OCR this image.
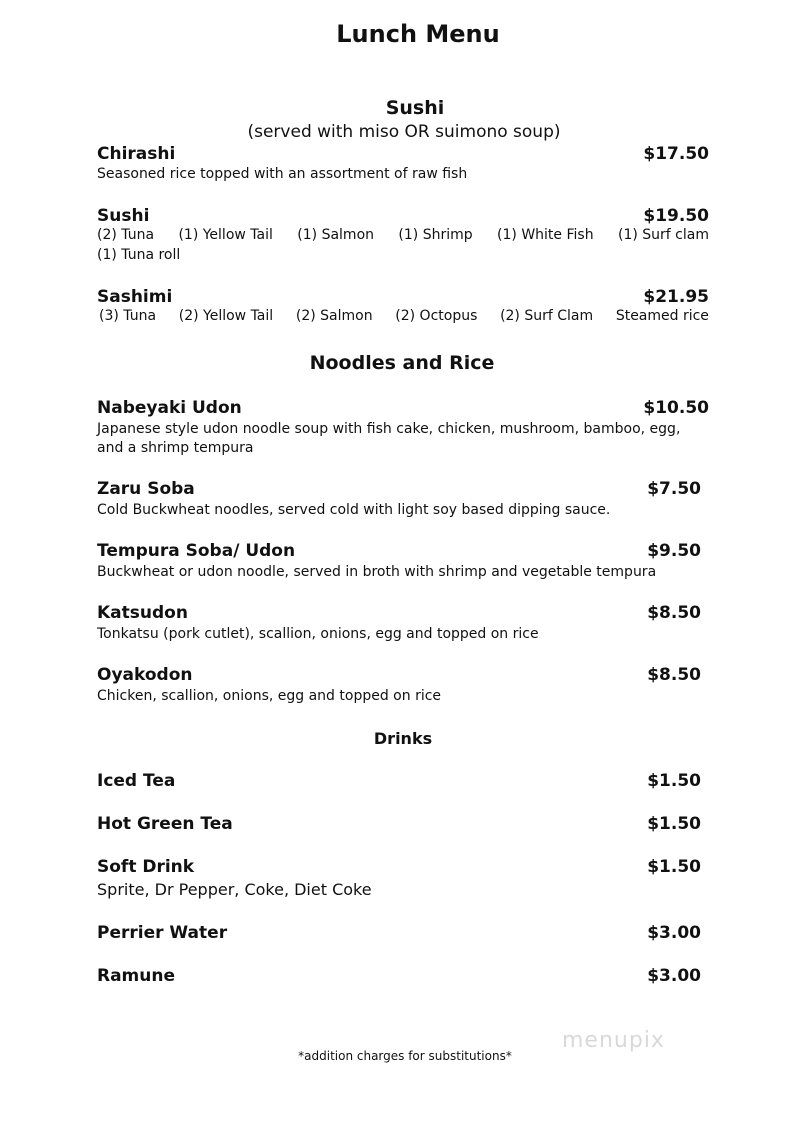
Lunch Menu
Sushi
(served with miso OR suimono soup)
Chirashi	$17.50
Seasoned rice topped with an assortment of raw fish
Sushi	$19.50
(2) Tuna (1) Yellow Tail (1) Salmon (1) Shrimp (1) White Fish (1) Surf clam
(1) Tuna roll
Sashimi	$21.95
(3) Tuna (2) Yellow Tail (2) Salmon (2) Octopus (2) Surf Clam Steamed rice
Noodles and Rice
Nabeyaki Udon	$10.50
Japanese style udon noodle soup with fish cake, chicken, mushroom, bamboo, egg,
and a shrimp tempura
Zaru Soba	$7.50
Cold Buckwheat noodles, served cold with light soy based dipping sauce.
Tempura Soba/ Udon	$9.50
Buckwheat or udon noodle, served in broth with shrimp and vegetable tempura
Katsudon	$8.50
Tonkatsu (pork cutlet), scallion, onions, egg and topped on rice
Oyakodon	$8.50
Chicken, scallion, onions, egg and topped on rice
Drinks
Iced Tea	$1.50
Hot Green Tea	$1.50
Soft Drink	$1.50
Sprite, Dr Pepper, Coke, Diet Coke
Perrier Water	$3.00
Ramune	$3.00
menupix
*addition charges for substitutions*
